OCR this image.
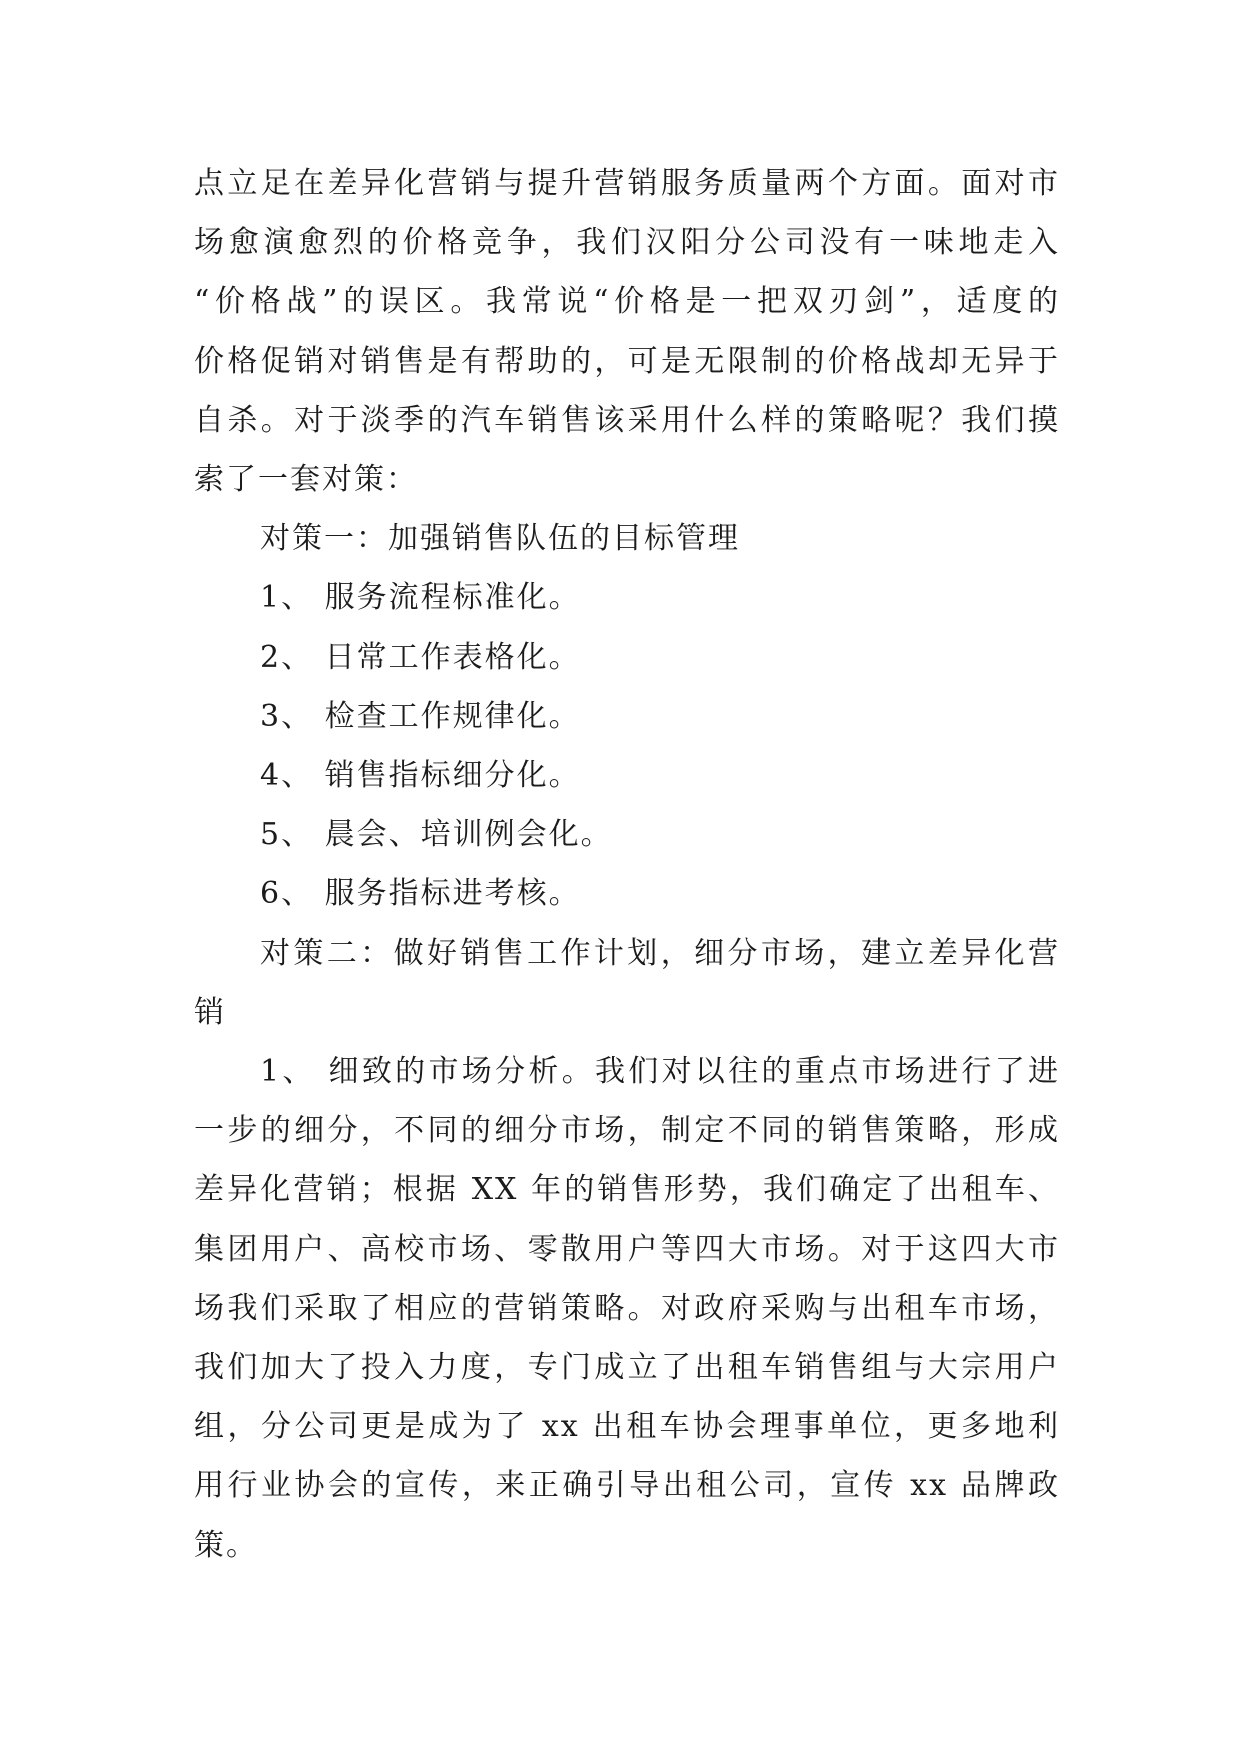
点立足在差异化营销与提升营销服务质量两个方面。面对市
场愈演愈烈的价格竞争，我们汉阳分公司没有一味地走入
“价格战”的误区。我常说“价格是一把双刃剑”，适度的
价格促销对销售是有帮助的，可是无限制的价格战却无异于
自杀。对于淡季的汽车销售该采用什么样的策略呢？我们摸
索了一套对策：
对策一：加强销售队伍的目标管理
1、 服务流程标准化。
2、 日常工作表格化。
3、 检查工作规律化。
4、 销售指标细分化。
5、 晨会、培训例会化。
6、 服务指标进考核。
对策二：做好销售工作计划，细分市场，建立差异化营
销
1、 细致的市场分析。我们对以往的重点市场进行了进
一步的细分，不同的细分市场，制定不同的销售策略，形成
差异化营销；根据 XX 年的销售形势，我们确定了出租车、
集团用户、高校市场、零散用户等四大市场。对于这四大市
场我们采取了相应的营销策略。对政府采购与出租车市场，
我们加大了投入力度，专门成立了出租车销售组与大宗用户
组，分公司更是成为了 xx 出租车协会理事单位，更多地利
用行业协会的宣传，来正确引导出租公司，宣传 xx 品牌政
策。
